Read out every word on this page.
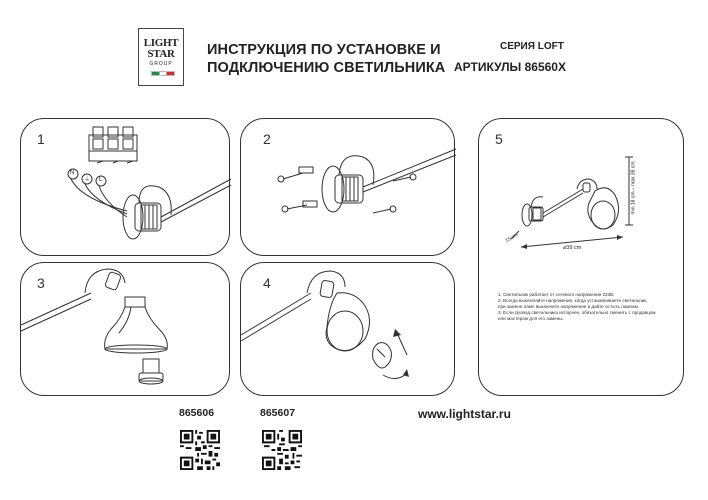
LIGHT
STAR
GROUP
ИНСТРУКЦИЯ ПО УСТАНОВКЕ И
ПОДКЛЮЧЕНИЮ СВЕТИЛЬНИКА
СЕРИЯ LOFT
АРТИКУЛЫ 86560X
1
N
⏚ L
2
3	4
5
min 18 cm – max 38 cm
15 cm
⌀39 cm
1. Светильник работает от сетевого напряжения 220В.
2. Всегда выключайте напряжение, когда устанавливаете светильник,
при замене ламп выключите напряжение и дайте остыть лампам.
3. Если провод светильника испорчен, обязательно сменить с продавцом
или мастером для его замены.
865606	865607	www.lightstar.ru
